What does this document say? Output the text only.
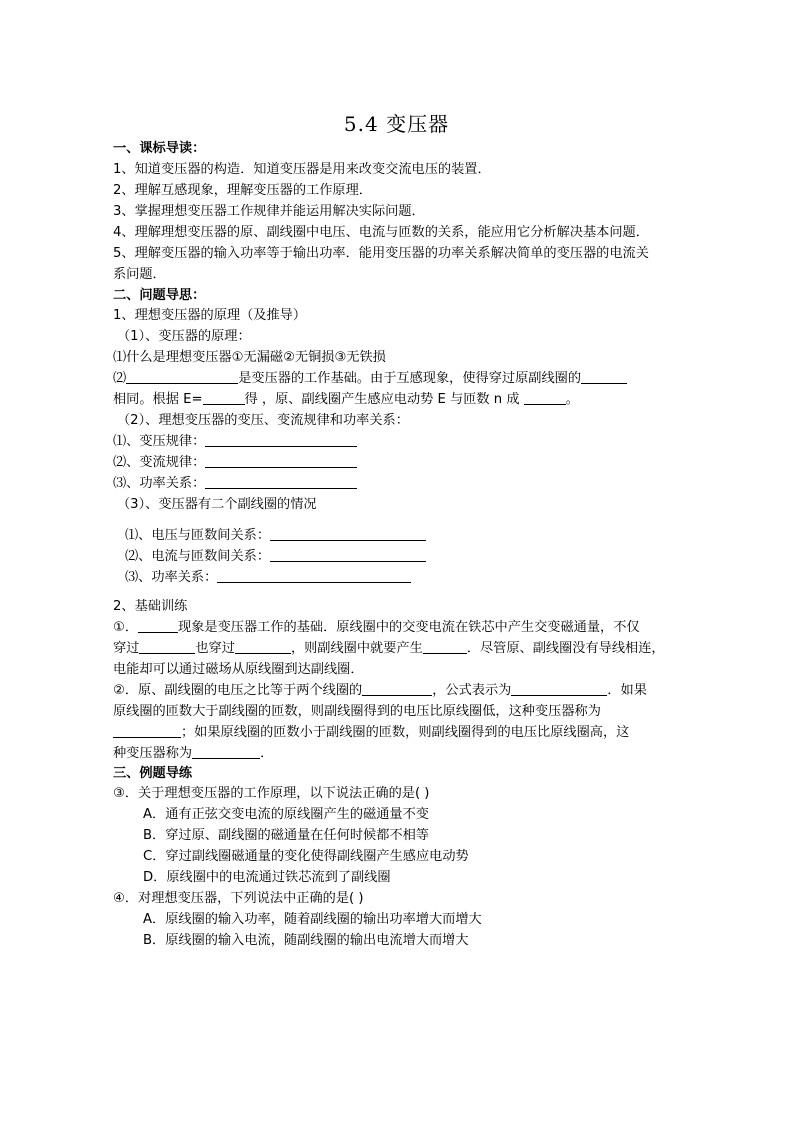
5.4 变压器
一、课标导读：
1、知道变压器的构造．知道变压器是用来改变交流电压的装置．
2、理解互感现象，理解变压器的工作原理．
3、掌握理想变压器工作规律并能运用解决实际问题．
4、理解理想变压器的原、副线圈中电压、电流与匝数的关系，能应用它分析解决基本问题．
5、理解变压器的输入功率等于输出功率．能用变压器的功率关系解决简单的变压器的电流关
系问题．
二、问题导思：
1、理想变压器的原理（及推导）
（1）、变压器的原理：
⑴什么是理想变压器①无漏磁②无铜损③无铁损
⑵	是变压器的工作基础。由于互感现象，使得穿过原副线圈的
相同。根据 E=	得 ，原、副线圈产生感应电动势 E 与匝数 n 成	。
（2）、理想变压器的变压、变流规律和功率关系：
⑴、变压规律：
⑵、变流规律：
⑶、功率关系：
（3）、变压器有二个副线圈的情况
⑴、电压与匝数间关系：
⑵、电流与匝数间关系：
⑶、功率关系：
2、基础训练
①．	现象是变压器工作的基础．原线圈中的交变电流在铁芯中产生交变磁通量，不仅
穿过	也穿过	，则副线圈中就要产生	．尽管原、副线圈没有导线相连，
电能却可以通过磁场从原线圈到达副线圈．
②．原、副线圈的电压之比等于两个线圈的	，公式表示为	．如果
原线圈的匝数大于副线圈的匝数，则副线圈得到的电压比原线圈低，这种变压器称为
；如果原线圈的匝数小于副线圈的匝数，则副线圈得到的电压比原线圈高，这
种变压器称为	．
三、例题导练
③．关于理想变压器的工作原理，以下说法正确的是( )
A．通有正弦交变电流的原线圈产生的磁通量不变
B．穿过原、副线圈的磁通量在任何时候都不相等
C．穿过副线圈磁通量的变化使得副线圈产生感应电动势
D．原线圈中的电流通过铁芯流到了副线圈
④．对理想变压器，下列说法中正确的是( )
A．原线圈的输入功率，随着副线圈的输出功率增大而增大
B．原线圈的输入电流，随副线圈的输出电流增大而增大
